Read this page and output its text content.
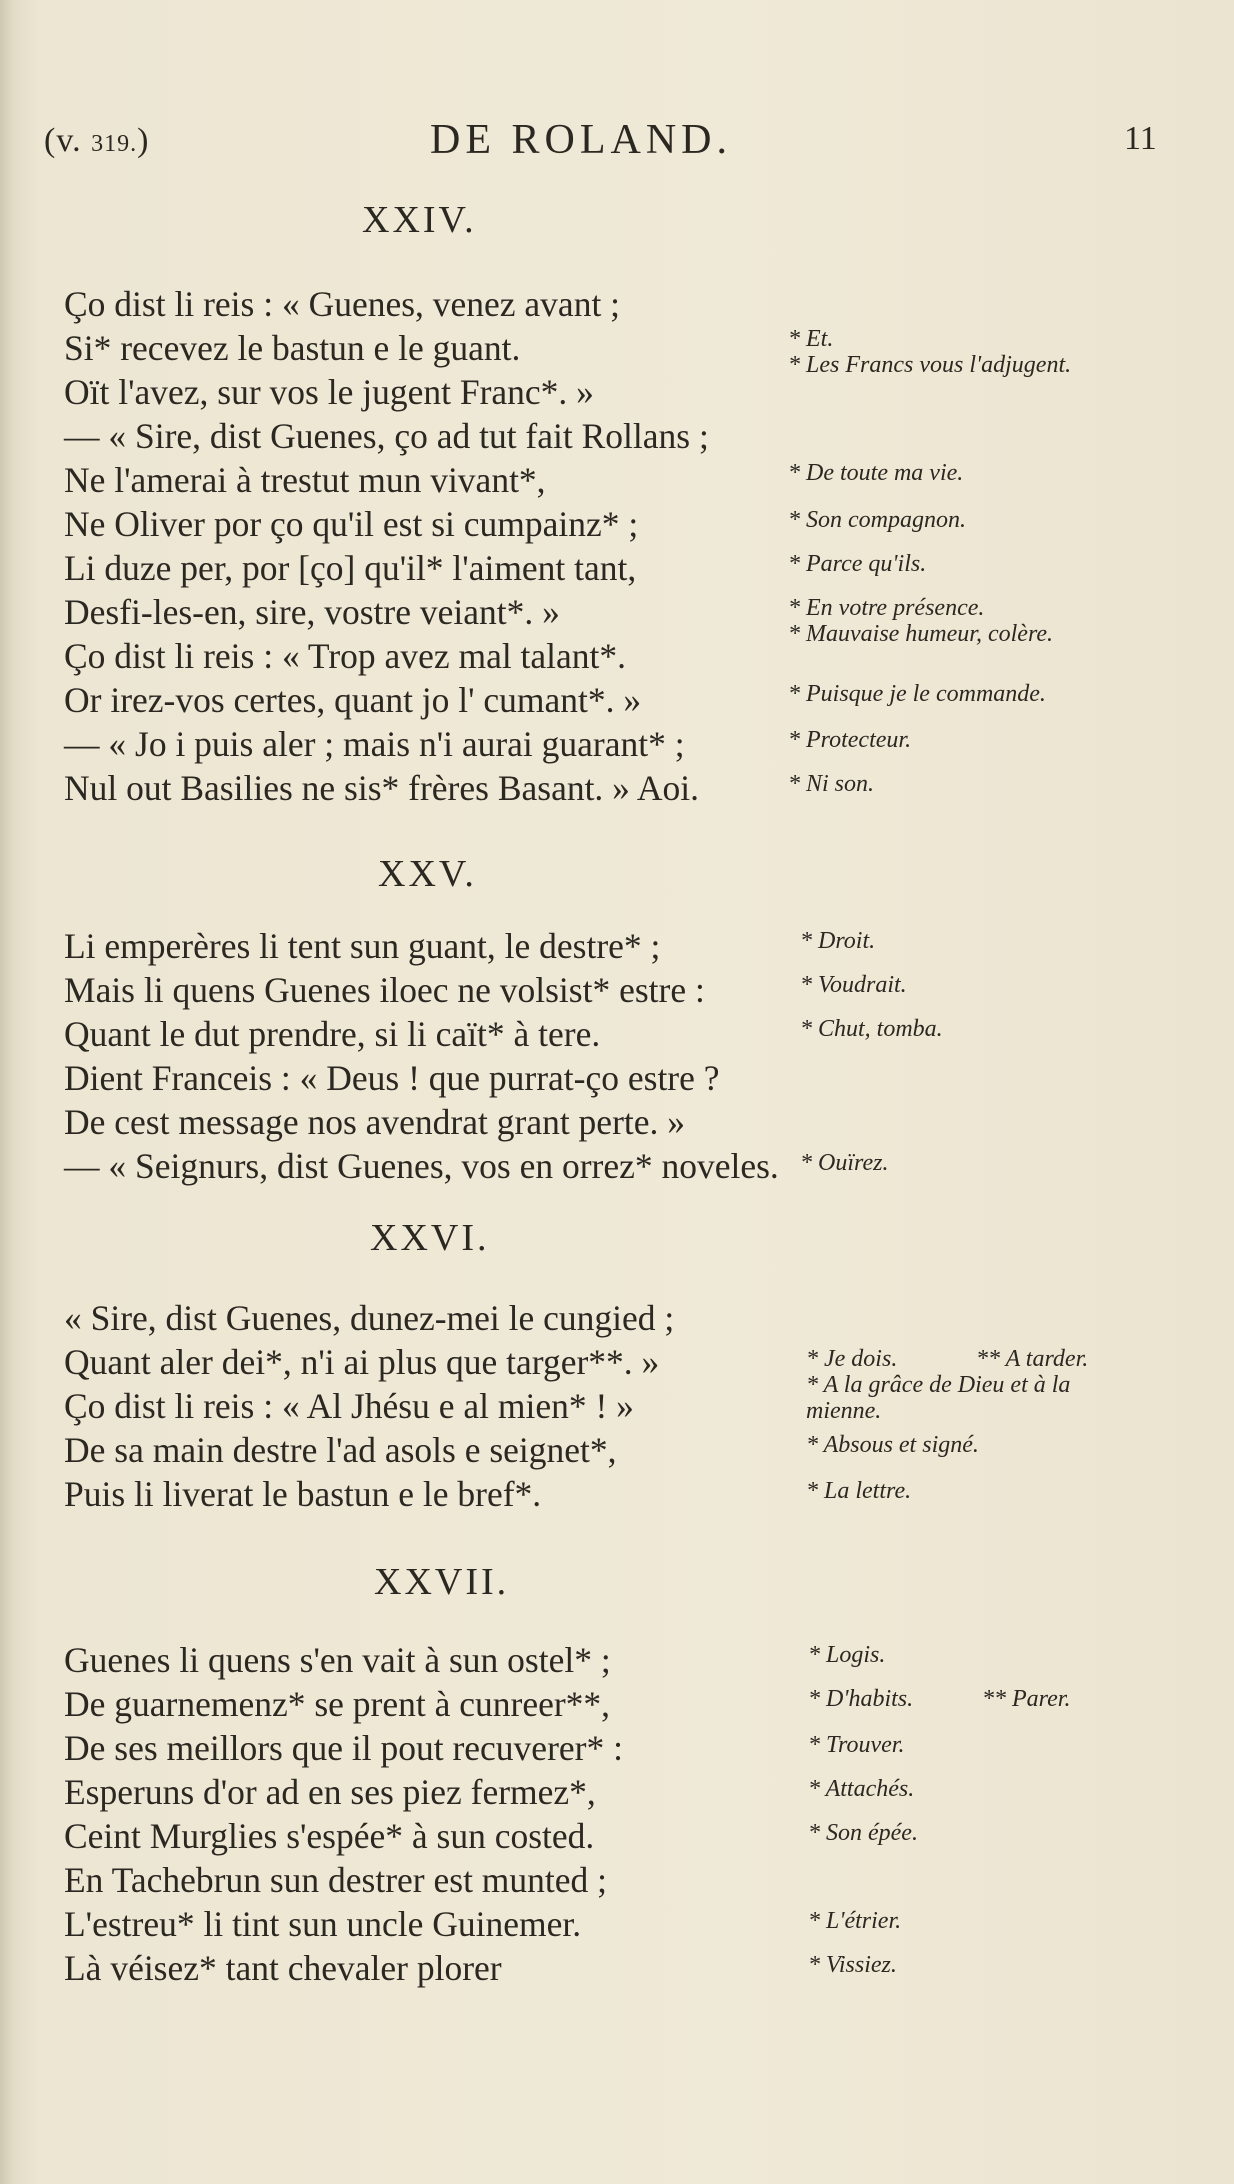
(v. 319.)	DE ROLAND.	11
XXIV.
Ço dist li reis : « Guenes, venez avant ;
Si* recevez le bastun e le guant.
Oït l'avez, sur vos le jugent Franc*. »
— « Sire, dist Guenes, ço ad tut fait Rollans ;
Ne l'amerai à trestut mun vivant*,
Ne Oliver por ço qu'il est si cumpainz* ;
Li duze per, por [ço] qu'il* l'aiment tant,
Desfi-les-en, sire, vostre veiant*. »
Ço dist li reis : « Trop avez mal talant*.
Or irez-vos certes, quant jo l' cumant*. »
— « Jo i puis aler ; mais n'i aurai guarant* ;
Nul out Basilies ne sis* frères Basant. » Aoi.
* Et.
* Les Francs vous l'adjugent.
* De toute ma vie.
* Son compagnon.
* Parce qu'ils.
* En votre présence.
* Mauvaise humeur, colère.
* Puisque je le commande.
* Protecteur.
* Ni son.
XXV.
Li emperères li tent sun guant, le destre* ;
Mais li quens Guenes iloec ne volsist* estre :
Quant le dut prendre, si li caït* à tere.
Dient Franceis : « Deus ! que purrat-ço estre ?
De cest message nos avendrat grant perte. »
— « Seignurs, dist Guenes, vos en orrez* noveles.
* Droit.
* Voudrait.
* Chut, tomba.
* Ouïrez.
XXVI.
« Sire, dist Guenes, dunez-mei le cungied ;
Quant aler dei*, n'i ai plus que targer**. »
Ço dist li reis : « Al Jhésu e al mien* ! »
De sa main destre l'ad asols e seignet*,
Puis li liverat le bastun e le bref*.
* Je dois.	** A tarder.
* A la grâce de Dieu et à la mienne.
* Absous et signé.
* La lettre.
XXVII.
Guenes li quens s'en vait à sun ostel* ;
De guarnemenz* se prent à cunreer**,
De ses meillors que il pout recuverer* :
Esperuns d'or ad en ses piez fermez*,
Ceint Murglies s'espée* à sun costed.
En Tachebrun sun destrer est munted ;
L'estreu* li tint sun uncle Guinemer.
Là véisez* tant chevaler plorer
* Logis.
* D'habits.	** Parer.
* Trouver.
* Attachés.
* Son épée.
* L'étrier.
* Vissiez.
